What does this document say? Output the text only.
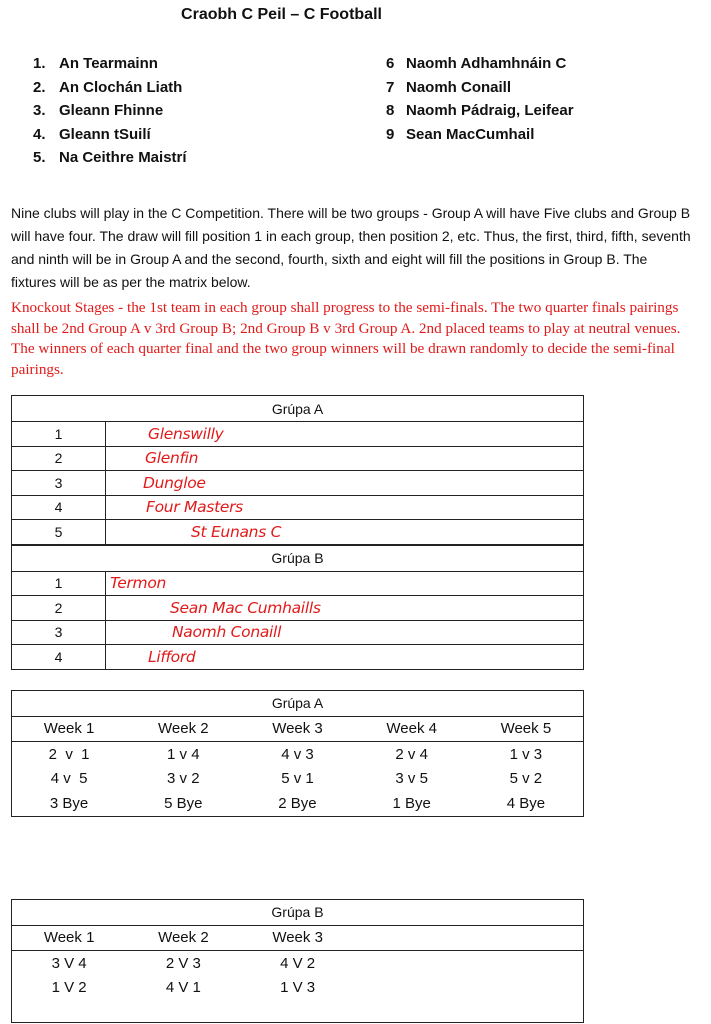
Craobh C Peil – C Football
1. An Tearmainn
2. An Clochán Liath
3. Gleann Fhinne
4. Gleann tSuilí
5. Na Ceithre Maistrí
6 Naomh Adhamhnáin C
7 Naomh Conaill
8 Naomh Pádraig, Leifear
9 Sean MacCumhail
Nine clubs will play in the C Competition. There will be two groups - Group A will have Five clubs and Group B will have four. The draw will fill position 1 in each group, then position 2, etc. Thus, the first, third, fifth, seventh and ninth will be in Group A and the second, fourth, sixth and eight will fill the positions in Group B. The fixtures will be as per the matrix below.
Knockout Stages - the 1st team in each group shall progress to the semi-finals. The two quarter finals pairings shall be 2nd Group A v 3rd Group B; 2nd Group B v 3rd Group A. 2nd placed teams to play at neutral venues. The winners of each quarter final and the two group winners will be drawn randomly to decide the semi-final pairings.
Grúpa A	
1	Glenswilly
2	Glenfin
3	Dungloe
4	Four Masters
5	St Eunans C
Grúpa B	
1	Termon
2	Sean Mac Cumhaills
3	Naomh Conaill
4	Lifford
Grúpa A				
Week 1	Week 2	Week 3	Week 4	Week 5
2  v  1	1 v 4	4 v 3	2 v 4	1 v 3
4 v  5	3 v 2	5 v 1	3 v 5	5 v 2
3 Bye	5 Bye	2 Bye	1 Bye	4 Bye
Grúpa B				
Week 1	Week 2	Week 3		
3 V 4	2 V 3	4 V 2		
1 V 2	4 V 1	1 V 3		
